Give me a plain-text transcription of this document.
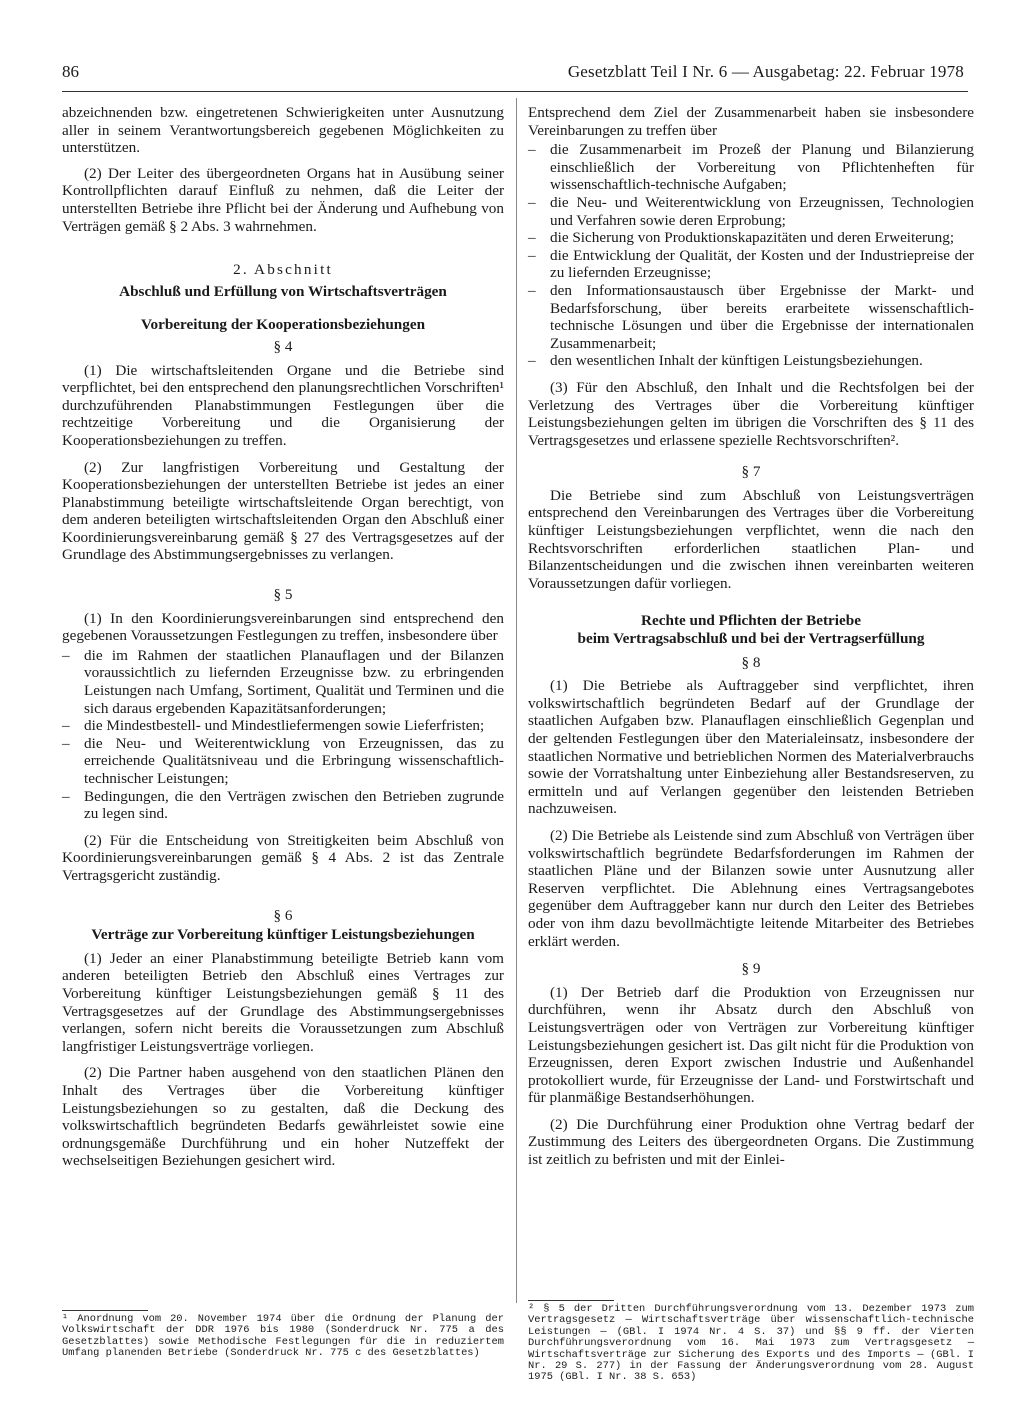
86	Gesetzblatt Teil I Nr. 6 — Ausgabetag: 22. Februar 1978

abzeichnenden bzw. eingetretenen Schwierigkeiten unter Ausnutzung aller in seinem Verantwortungsbereich gegebenen Möglichkeiten zu unterstützen.

(2) Der Leiter des übergeordneten Organs hat in Ausübung seiner Kontrollpflichten darauf Einfluß zu nehmen, daß die Leiter der unterstellten Betriebe ihre Pflicht bei der Änderung und Aufhebung von Verträgen gemäß § 2 Abs. 3 wahrnehmen.

2. Abschnitt

Abschluß und Erfüllung von Wirtschaftsverträgen

Vorbereitung der Kooperationsbeziehungen

§ 4

(1) Die wirtschaftsleitenden Organe und die Betriebe sind verpflichtet, bei den entsprechend den planungsrechtlichen Vorschriften¹ durchzuführenden Planabstimmungen Festlegungen über die rechtzeitige Vorbereitung und die Organisierung der Kooperationsbeziehungen zu treffen.

(2) Zur langfristigen Vorbereitung und Gestaltung der Kooperationsbeziehungen der unterstellten Betriebe ist jedes an einer Planabstimmung beteiligte wirtschaftsleitende Organ berechtigt, von dem anderen beteiligten wirtschaftsleitenden Organ den Abschluß einer Koordinierungsvereinbarung gemäß § 27 des Vertragsgesetzes auf der Grundlage des Abstimmungsergebnisses zu verlangen.

§ 5

(1) In den Koordinierungsvereinbarungen sind entsprechend den gegebenen Voraussetzungen Festlegungen zu treffen, insbesondere über

– die im Rahmen der staatlichen Planauflagen und der Bilanzen voraussichtlich zu liefernden Erzeugnisse bzw. zu erbringenden Leistungen nach Umfang, Sortiment, Qualität und Terminen und die sich daraus ergebenden Kapazitätsanforderungen;
– die Mindestbestell- und Mindestliefermengen sowie Lieferfristen;
– die Neu- und Weiterentwicklung von Erzeugnissen, das zu erreichende Qualitätsniveau und die Erbringung wissenschaftlich-technischer Leistungen;
– Bedingungen, die den Verträgen zwischen den Betrieben zugrunde zu legen sind.

(2) Für die Entscheidung von Streitigkeiten beim Abschluß von Koordinierungsvereinbarungen gemäß § 4 Abs. 2 ist das Zentrale Vertragsgericht zuständig.

§ 6

Verträge zur Vorbereitung künftiger Leistungsbeziehungen

(1) Jeder an einer Planabstimmung beteiligte Betrieb kann vom anderen beteiligten Betrieb den Abschluß eines Vertrages zur Vorbereitung künftiger Leistungsbeziehungen gemäß § 11 des Vertragsgesetzes auf der Grundlage des Abstimmungsergebnisses verlangen, sofern nicht bereits die Voraussetzungen zum Abschluß langfristiger Leistungsverträge vorliegen.

(2) Die Partner haben ausgehend von den staatlichen Plänen den Inhalt des Vertrages über die Vorbereitung künftiger Leistungsbeziehungen so zu gestalten, daß die Deckung des volkswirtschaftlich begründeten Bedarfs gewährleistet sowie eine ordnungsgemäße Durchführung und ein hoher Nutzeffekt der wechselseitigen Beziehungen gesichert wird.

Entsprechend dem Ziel der Zusammenarbeit haben sie insbesondere Vereinbarungen zu treffen über

– die Zusammenarbeit im Prozeß der Planung und Bilanzierung einschließlich der Vorbereitung von Pflichtenheften für wissenschaftlich-technische Aufgaben;
– die Neu- und Weiterentwicklung von Erzeugnissen, Technologien und Verfahren sowie deren Erprobung;
– die Sicherung von Produktionskapazitäten und deren Erweiterung;
– die Entwicklung der Qualität, der Kosten und der Industriepreise der zu liefernden Erzeugnisse;
– den Informationsaustausch über Ergebnisse der Markt- und Bedarfsforschung, über bereits erarbeitete wissenschaftlich-technische Lösungen und über die Ergebnisse der internationalen Zusammenarbeit;
– den wesentlichen Inhalt der künftigen Leistungsbeziehungen.

(3) Für den Abschluß, den Inhalt und die Rechtsfolgen bei der Verletzung des Vertrages über die Vorbereitung künftiger Leistungsbeziehungen gelten im übrigen die Vorschriften des § 11 des Vertragsgesetzes und erlassene spezielle Rechtsvorschriften².

§ 7

Die Betriebe sind zum Abschluß von Leistungsverträgen entsprechend den Vereinbarungen des Vertrages über die Vorbereitung künftiger Leistungsbeziehungen verpflichtet, wenn die nach den Rechtsvorschriften erforderlichen staatlichen Plan- und Bilanzentscheidungen und die zwischen ihnen vereinbarten weiteren Voraussetzungen dafür vorliegen.

Rechte und Pflichten der Betriebe

beim Vertragsabschluß und bei der Vertragserfüllung

§ 8

(1) Die Betriebe als Auftraggeber sind verpflichtet, ihren volkswirtschaftlich begründeten Bedarf auf der Grundlage der staatlichen Aufgaben bzw. Planauflagen einschließlich Gegenplan und der geltenden Festlegungen über den Materialeinsatz, insbesondere der staatlichen Normative und betrieblichen Normen des Materialverbrauchs sowie der Vorratshaltung unter Einbeziehung aller Bestandsreserven, zu ermitteln und auf Verlangen gegenüber den leistenden Betrieben nachzuweisen.

(2) Die Betriebe als Leistende sind zum Abschluß von Verträgen über volkswirtschaftlich begründete Bedarfsforderungen im Rahmen der staatlichen Pläne und der Bilanzen sowie unter Ausnutzung aller Reserven verpflichtet. Die Ablehnung eines Vertragsangebotes gegenüber dem Auftraggeber kann nur durch den Leiter des Betriebes oder von ihm dazu bevollmächtigte leitende Mitarbeiter des Betriebes erklärt werden.

§ 9

(1) Der Betrieb darf die Produktion von Erzeugnissen nur durchführen, wenn ihr Absatz durch den Abschluß von Leistungsverträgen oder von Verträgen zur Vorbereitung künftiger Leistungsbeziehungen gesichert ist. Das gilt nicht für die Produktion von Erzeugnissen, deren Export zwischen Industrie und Außenhandel protokolliert wurde, für Erzeugnisse der Land- und Forstwirtschaft und für planmäßige Bestandserhöhungen.

(2) Die Durchführung einer Produktion ohne Vertrag bedarf der Zustimmung des Leiters des übergeordneten Organs. Die Zustimmung ist zeitlich zu befristen und mit der Einlei-

¹ Anordnung vom 20. November 1974 über die Ordnung der Planung der Volkswirtschaft der DDR 1976 bis 1980 (Sonderdruck Nr. 775 a des Gesetzblattes) sowie Methodische Festlegungen für die in reduziertem Umfang planenden Betriebe (Sonderdruck Nr. 775 c des Gesetzblattes)
² § 5 der Dritten Durchführungsverordnung vom 13. Dezember 1973 zum Vertragsgesetz — Wirtschaftsverträge über wissenschaftlich-technische Leistungen — (GBl. I 1974 Nr. 4 S. 37) und §§ 9 ff. der Vierten Durchführungsverordnung vom 16. Mai 1973 zum Vertragsgesetz — Wirtschaftsverträge zur Sicherung des Exports und des Imports — (GBl. I Nr. 29 S. 277) in der Fassung der Änderungsverordnung vom 28. August 1975 (GBl. I Nr. 38 S. 653)
